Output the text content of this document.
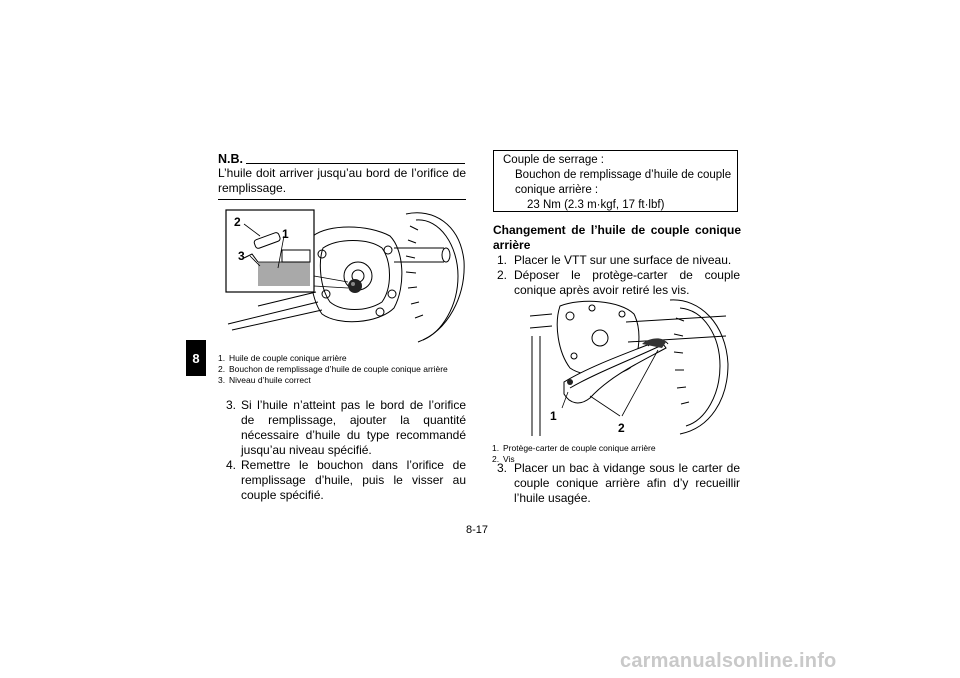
8
N.B.
L’huile doit arriver jusqu’au bord de l’orifice de remplissage.
2
1
3
1. Huile de couple conique arrière
2. Bouchon de remplissage d’huile de couple conique arrière
3. Niveau d’huile correct
3. Si l’huile n’atteint pas le bord de l’orifice de remplissage, ajouter la quantité nécessaire d’huile du type recommandé jusqu’au niveau spécifié.
4. Remettre le bouchon dans l’orifice de remplissage d’huile, puis le visser au couple spécifié.
Couple de serrage :
Bouchon de remplissage d’huile de couple
conique arrière :
23 Nm (2.3 m·kgf, 17 ft·lbf)
Changement de l’huile de couple conique arrière
1. Placer le VTT sur une surface de niveau.
2. Déposer le protège-carter de couple conique après avoir retiré les vis.
1
2
1. Protège-carter de couple conique arrière
2. Vis
3. Placer un bac à vidange sous le carter de couple conique arrière afin d’y recueillir l’huile usagée.
8-17
carmanualsonline.info
